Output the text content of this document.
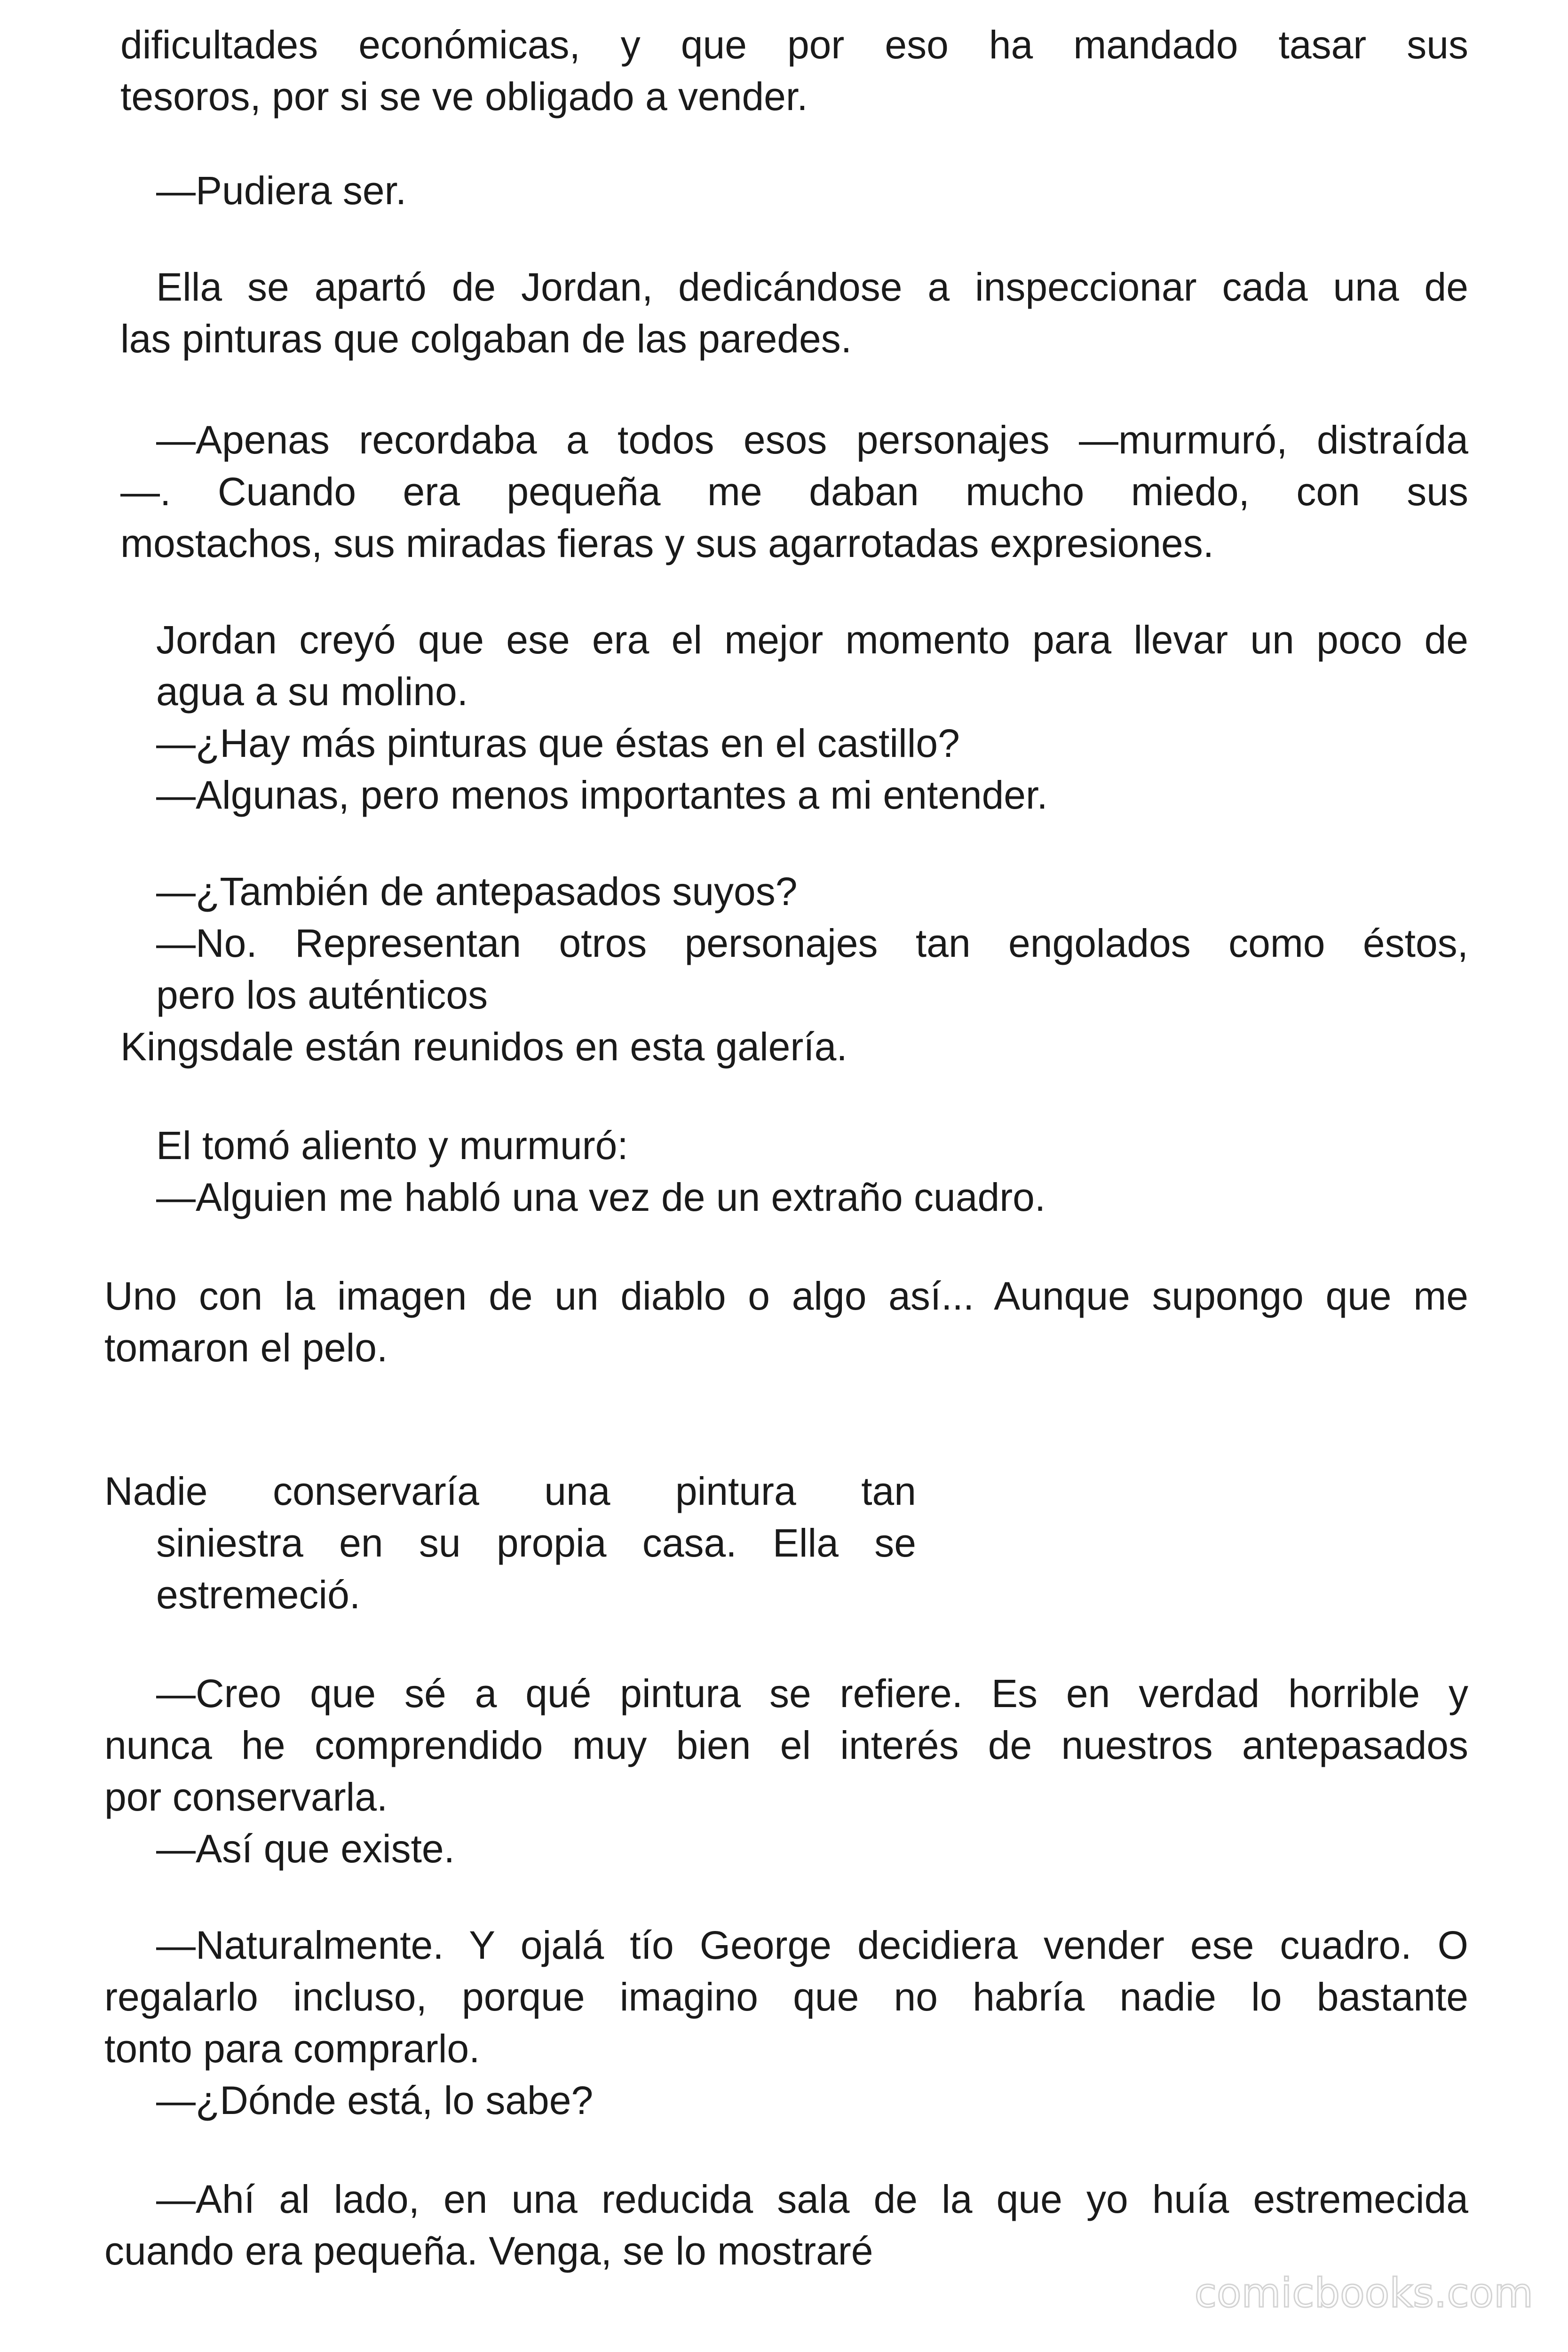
dificultades económicas, y que por eso ha mandado tasar sus

tesoros, por si se ve obligado a vender.

—Pudiera ser.

Ella se apartó de Jordan, dedicándose a inspeccionar cada una de

las pinturas que colgaban de las paredes.

—Apenas recordaba a todos esos personajes —murmuró, distraída

—. Cuando era pequeña me daban mucho miedo, con sus

mostachos, sus miradas fieras y sus agarrotadas expresiones.

Jordan creyó que ese era el mejor momento para llevar un poco de

agua a su molino.

—¿Hay más pinturas que éstas en el castillo?

—Algunas, pero menos importantes a mi entender.

—¿También de antepasados suyos?

—No. Representan otros personajes tan engolados como éstos,

pero los auténticos

Kingsdale están reunidos en esta galería.

El tomó aliento y murmuró:

—Alguien me habló una vez de un extraño cuadro.

Uno con la imagen de un diablo o algo así... Aunque supongo que me

tomaron el pelo.

Nadie conservaría una pintura tan

siniestra en su propia casa. Ella se

estremeció.

—Creo que sé a qué pintura se refiere. Es en verdad horrible y

nunca he comprendido muy bien el interés de nuestros antepasados

por conservarla.

—Así que existe.

—Naturalmente. Y ojalá tío George decidiera vender ese cuadro. O

regalarlo incluso, porque imagino que no habría nadie lo bastante

tonto para comprarlo.

—¿Dónde está, lo sabe?

—Ahí al lado, en una reducida sala de la que yo huía estremecida

cuando era pequeña. Venga, se lo mostraré

comicbooks.com
